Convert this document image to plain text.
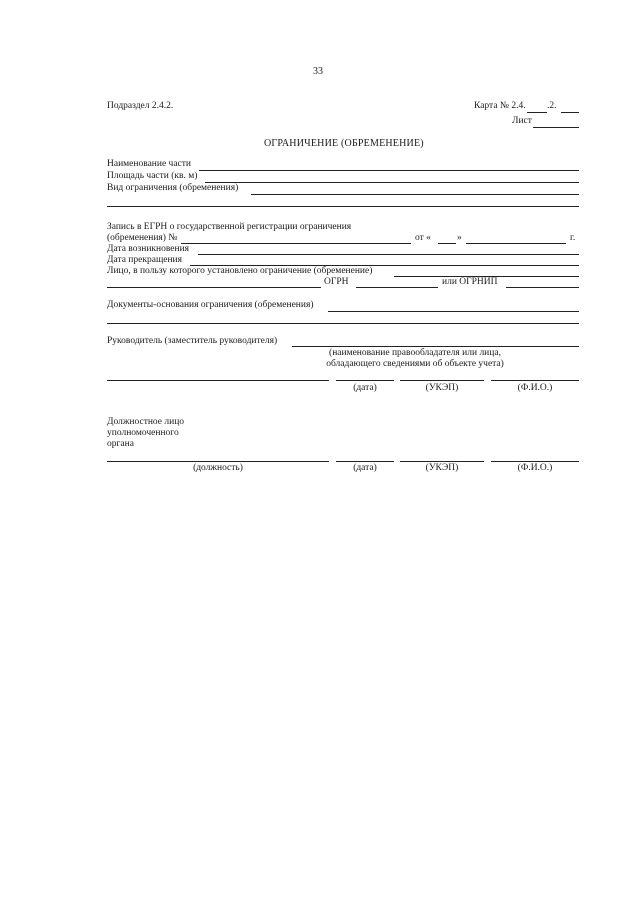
33
Подраздел 2.4.2.	Карта № 2.4. .2.
Лист
ОГРАНИЧЕНИЕ (ОБРЕМЕНЕНИЕ)
Наименование части
Площадь части (кв. м)
Вид ограничения (обременения)
Запись в ЕГРН о государственной регистрации ограничения
(обременения) №	от «	»	г.
Дата возникновения
Дата прекращения
Лицо, в пользу которого установлено ограничение (обременение)
ОГРН	или ОГРНИП
Документы-основания ограничения (обременения)
Руководитель (заместитель руководителя)
(наименование правообладателя или лица,
обладающего сведениями об объекте учета)
(дата)	(УКЭП)	(Ф.И.О.)
Должностное лицо
уполномоченного
органа
(должность)	(дата)	(УКЭП)	(Ф.И.О.)
